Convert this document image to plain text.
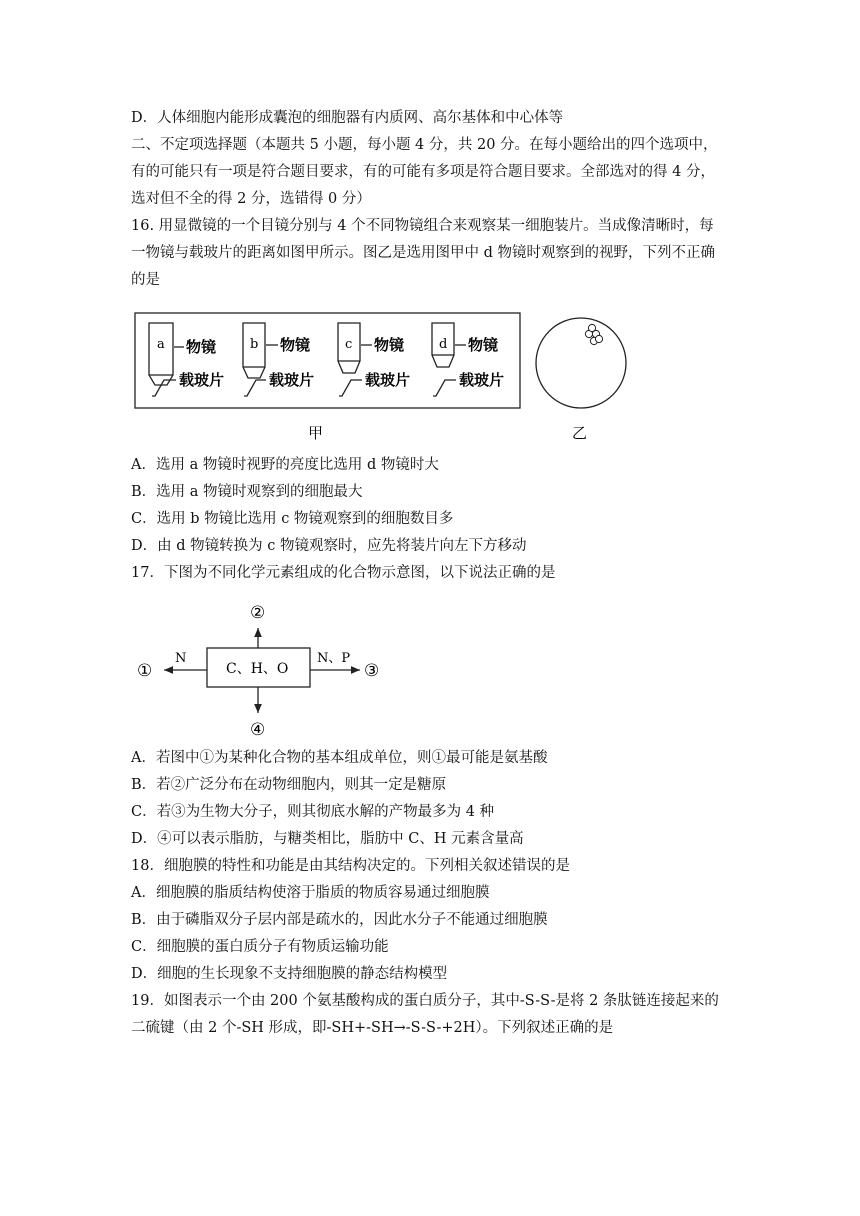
D．人体细胞内能形成囊泡的细胞器有内质网、高尔基体和中心体等
二、不定项选择题（本题共 5 小题，每小题 4 分，共 20 分。在每小题给出的四个选项中，
有的可能只有一项是符合题目要求，有的可能有多项是符合题目要求。全部选对的得 4 分，
选对但不全的得 2 分，选错得 0 分）
16. 用显微镜的一个目镜分别与 4 个不同物镜组合来观察某一细胞装片。当成像清晰时，每
一物镜与载玻片的距离如图甲所示。图乙是选用图甲中 d 物镜时观察到的视野，下列不正确
的是
a 物镜
载玻片
b 物镜
载玻片
c 物镜
载玻片
d 物镜
载玻片
甲	乙
A．选用 a 物镜时视野的亮度比选用 d 物镜时大
B．选用 a 物镜时观察到的细胞最大
C．选用 b 物镜比选用 c 物镜观察到的细胞数目多
D．由 d 物镜转换为 c 物镜观察时，应先将装片向左下方移动
17．下图为不同化学元素组成的化合物示意图，以下说法正确的是
C、H、O
②
④
N
①
N、P
③
A．若图中①为某种化合物的基本组成单位，则①最可能是氨基酸
B．若②广泛分布在动物细胞内，则其一定是糖原
C．若③为生物大分子，则其彻底水解的产物最多为 4 种
D．④可以表示脂肪，与糖类相比，脂肪中 C、H 元素含量高
18．细胞膜的特性和功能是由其结构决定的。下列相关叙述错误的是
A．细胞膜的脂质结构使溶于脂质的物质容易通过细胞膜
B．由于磷脂双分子层内部是疏水的，因此水分子不能通过细胞膜
C．细胞膜的蛋白质分子有物质运输功能
D．细胞的生长现象不支持细胞膜的静态结构模型
19．如图表示一个由 200 个氨基酸构成的蛋白质分子，其中-S-S-是将 2 条肽链连接起来的
二硫键（由 2 个-SH 形成，即-SH+-SH→-S-S-+2H）。下列叙述正确的是
